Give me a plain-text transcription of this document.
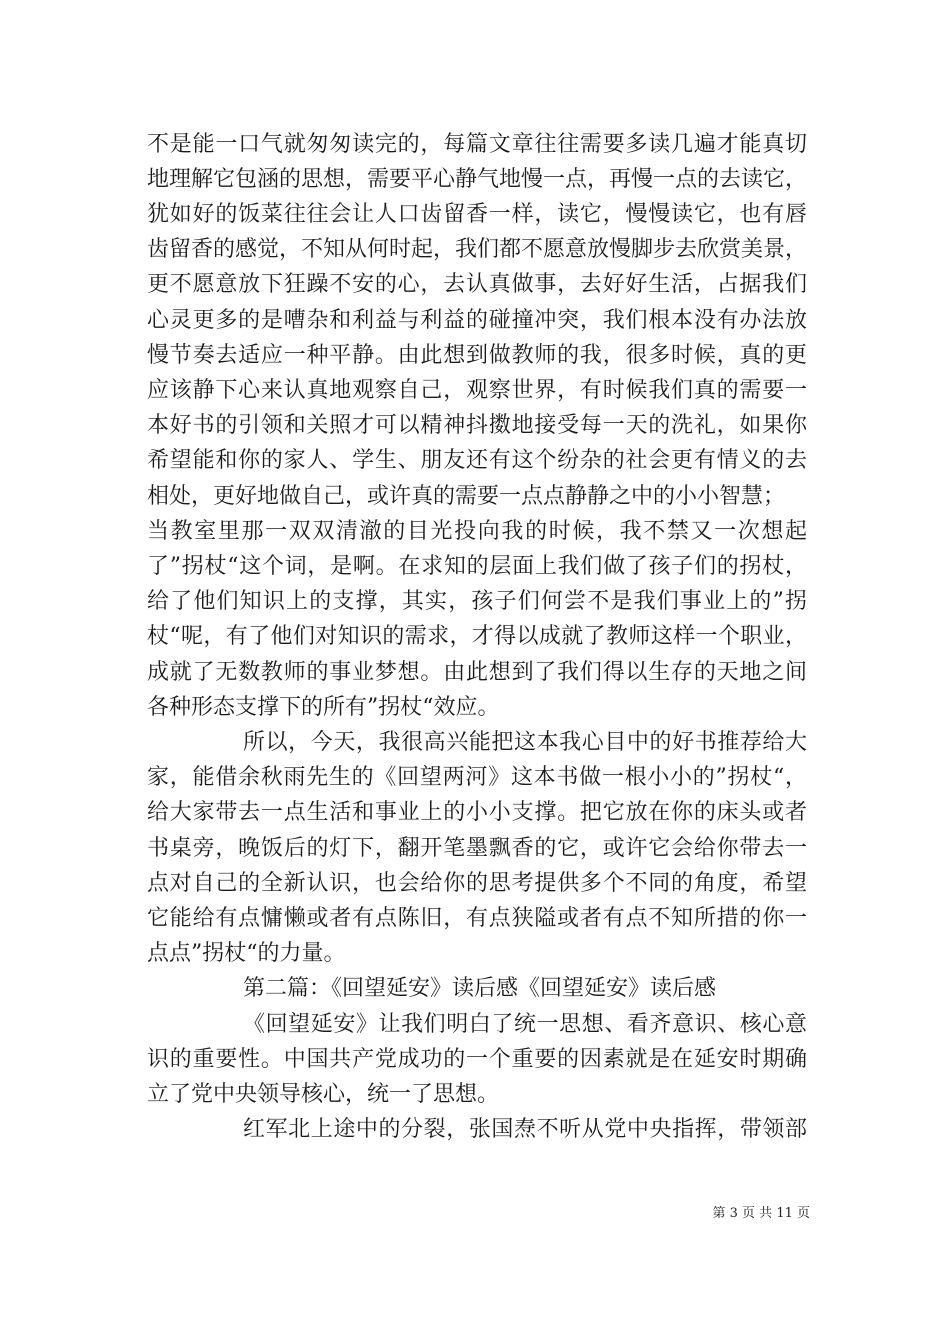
不是能一口气就匆匆读完的，每篇文章往往需要多读几遍才能真切
地理解它包涵的思想，需要平心静气地慢一点，再慢一点的去读它，
犹如好的饭菜往往会让人口齿留香一样，读它，慢慢读它，也有唇
齿留香的感觉，不知从何时起，我们都不愿意放慢脚步去欣赏美景，
更不愿意放下狂躁不安的心，去认真做事，去好好生活，占据我们
心灵更多的是嘈杂和利益与利益的碰撞冲突，我们根本没有办法放
慢节奏去适应一种平静。由此想到做教师的我，很多时候，真的更
应该静下心来认真地观察自己，观察世界，有时候我们真的需要一
本好书的引领和关照才可以精神抖擞地接受每一天的洗礼，如果你
希望能和你的家人、学生、朋友还有这个纷杂的社会更有情义的去
相处，更好地做自己，或许真的需要一点点静静之中的小小智慧；
当教室里那一双双清澈的目光投向我的时候，我不禁又一次想起
了”拐杖“这个词，是啊。在求知的层面上我们做了孩子们的拐杖，
给了他们知识上的支撑，其实，孩子们何尝不是我们事业上的”拐
杖“呢，有了他们对知识的需求，才得以成就了教师这样一个职业，
成就了无数教师的事业梦想。由此想到了我们得以生存的天地之间
各种形态支撑下的所有”拐杖“效应。
所以，今天，我很高兴能把这本我心目中的好书推荐给大
家，能借余秋雨先生的《回望两河》这本书做一根小小的”拐杖“，
给大家带去一点生活和事业上的小小支撑。把它放在你的床头或者
书桌旁，晚饭后的灯下，翻开笔墨飘香的它，或许它会给你带去一
点对自己的全新认识，也会给你的思考提供多个不同的角度，希望
它能给有点慵懒或者有点陈旧，有点狭隘或者有点不知所措的你一
点点”拐杖“的力量。
第二篇：《回望延安》读后感《回望延安》读后感
《回望延安》让我们明白了统一思想、看齐意识、核心意
识的重要性。中国共产党成功的一个重要的因素就是在延安时期确
立了党中央领导核心，统一了思想。
红军北上途中的分裂，张国焘不听从党中央指挥，带领部
第 3 页 共 11 页
